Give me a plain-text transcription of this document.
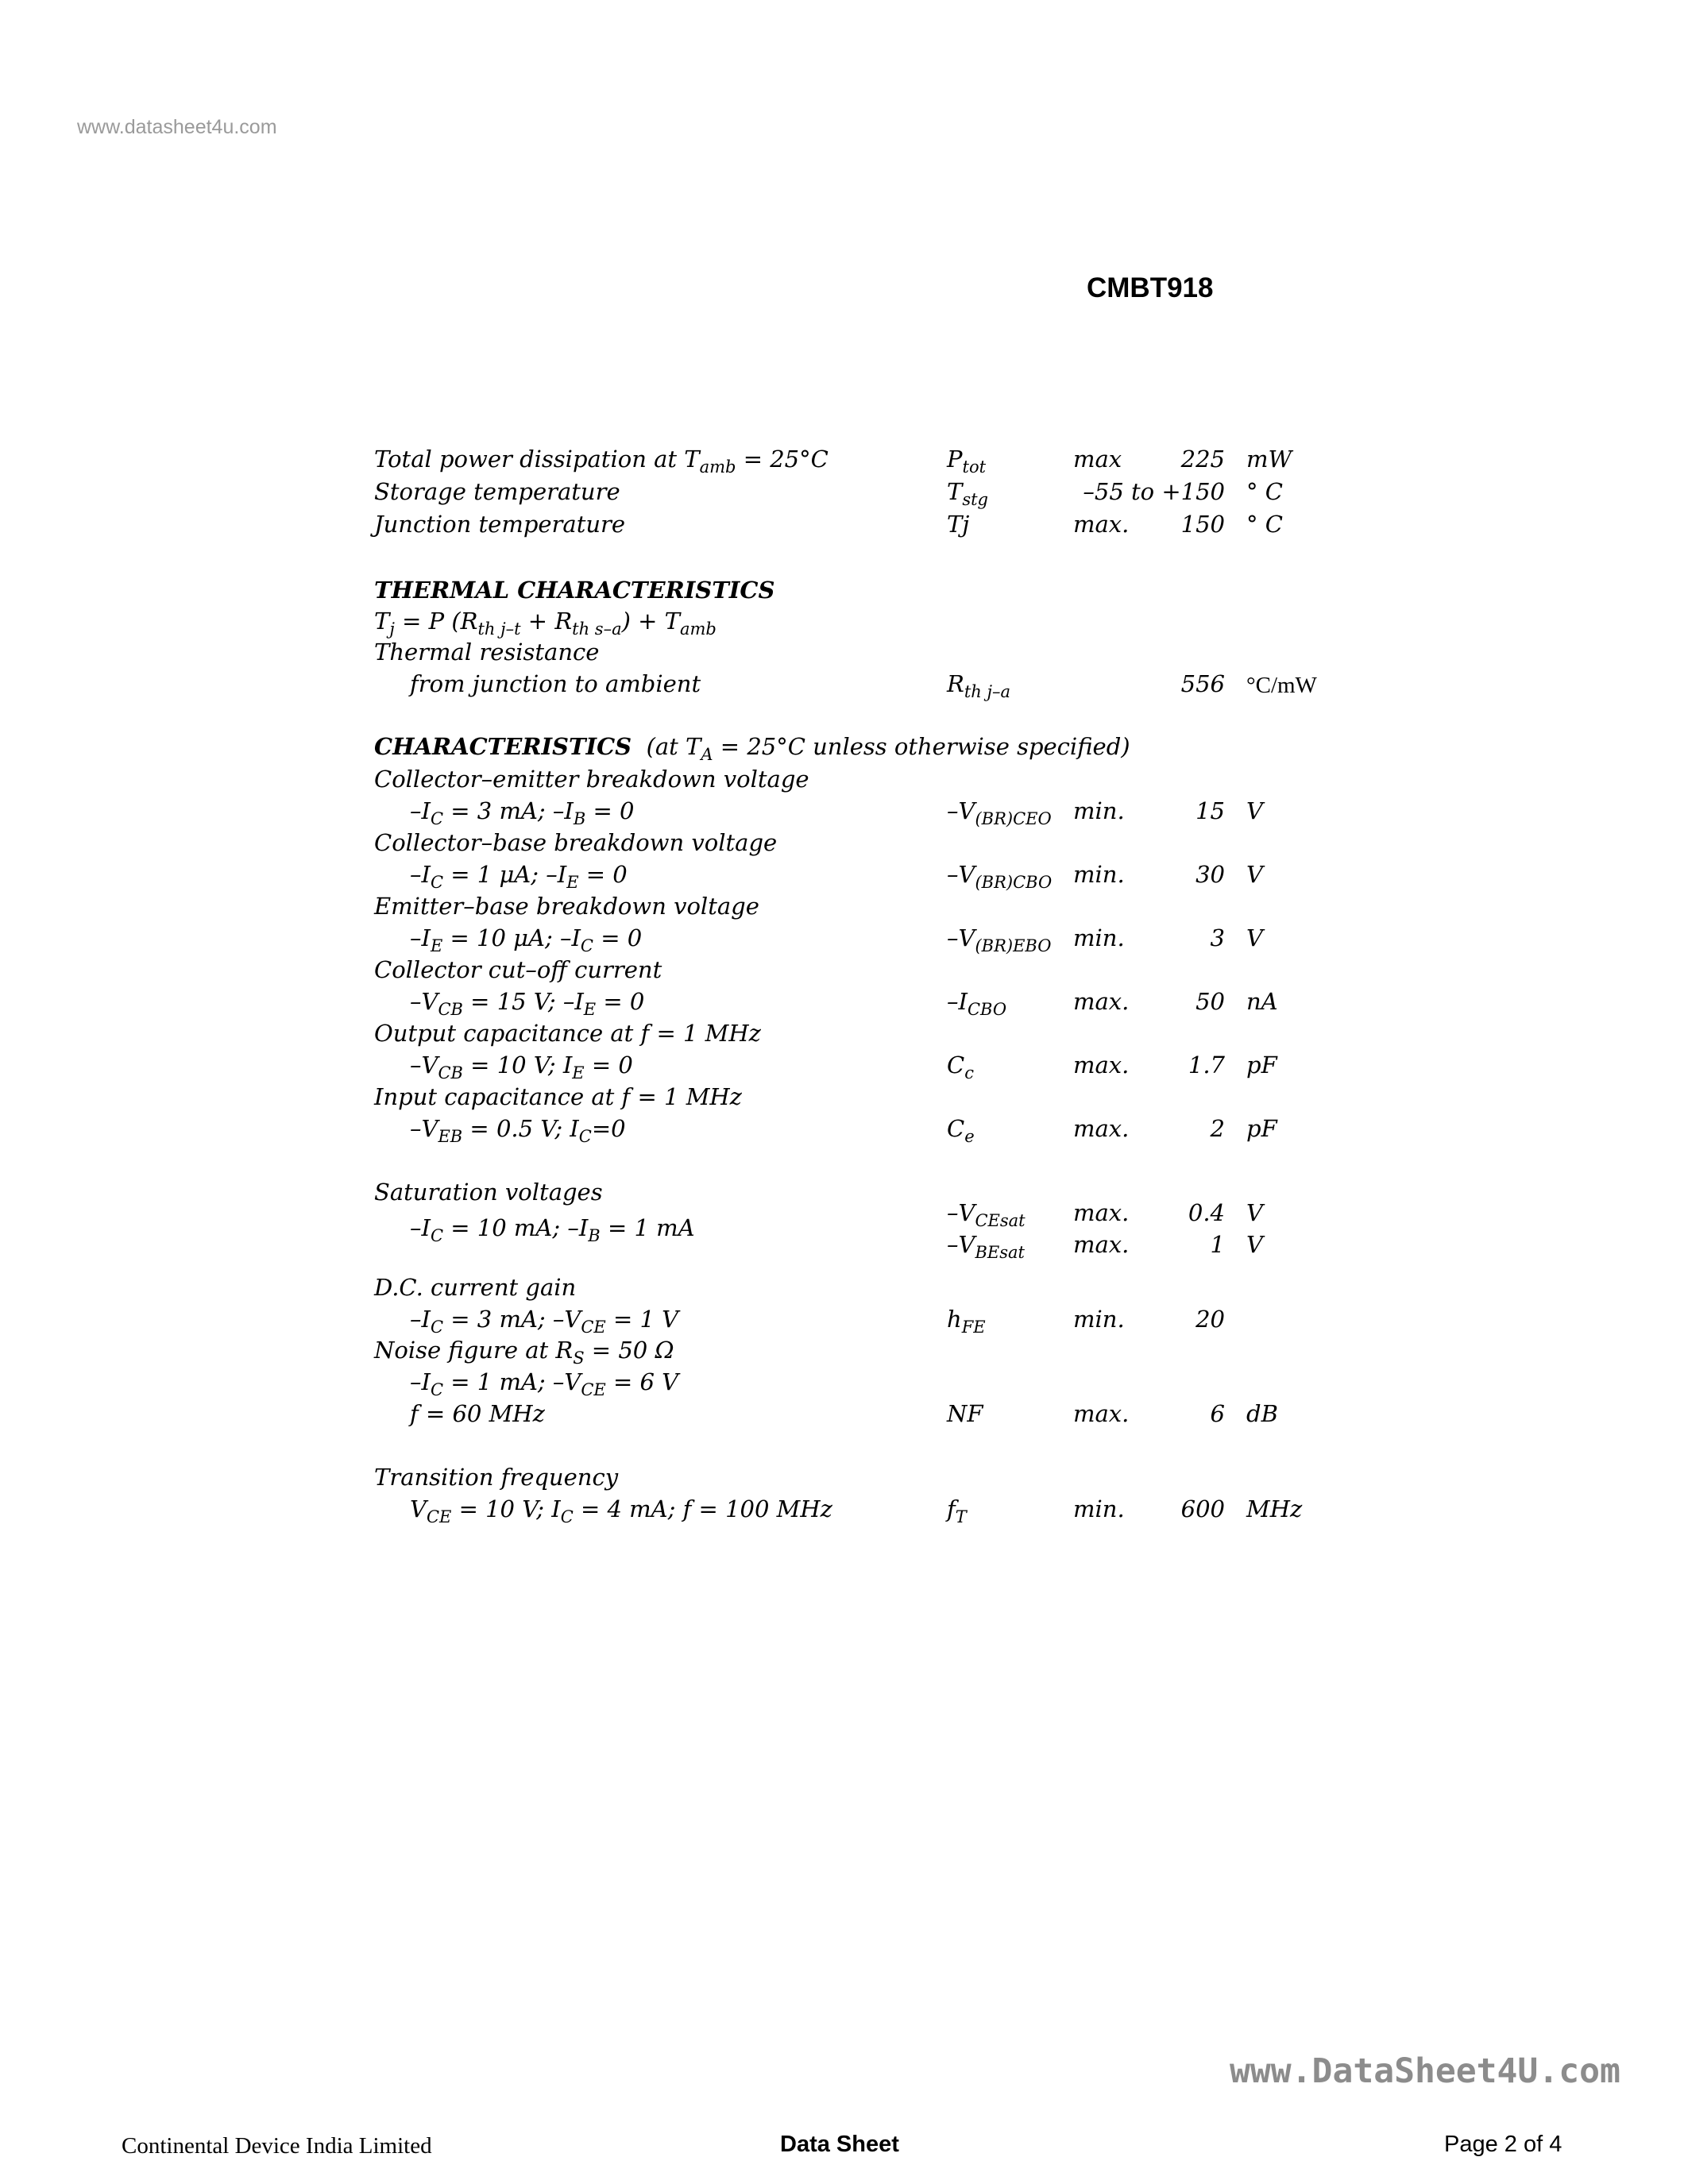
www.datasheet4u.com
CMBT918
Total power dissipation at $T_{amb} = 25^\circ C$	$P_{tot}$	max	225 mW
Storage temperature	$T_{stg}$	–55 to +150 ° C
Junction temperature	Tj	max.	150 ° C
THERMAL CHARACTERISTICS
$T_j = P$ $(R_{th j-t} + R_{th s-a}) + T_{amb}$
Thermal resistance
from junction to ambient	$R_{th j-a}$	556 °C/mW
CHARACTERISTICS (at $T_A = 25^\circ C$ unless otherwise specified)
Collector–emitter breakdown voltage
$-I_C = 3$ mA; $-I_B = 0$	$-V_{(BR)CEO}$ min.	15 V
Collector–base breakdown voltage
$-I_C = 1$ μA; $-I_E = 0$	$-V_{(BR)CBO}$ min.	30 V
Emitter–base breakdown voltage
$-I_E = 10$ μA; $-I_C = 0$	$-V_{(BR)EBO}$ min.	3 V
Collector cut–off current
$-V_{CB} = 15$ V; $-I_E = 0$	$-I_{CBO}$	max.	50 nA
Output capacitance at f = 1 MHz
$-V_{CB} = 10$ V; $I_E = 0$	$C_c$	max.	1.7 pF
Input capacitance at f = 1 MHz
$-V_{EB} = 0.5$ V; $I_C=0$	$C_e$	max.	2 pF
Saturation voltages
$-I_C = 10$ mA; $-I_B = 1$ mA
$-V_{CEsat}$ max.	0.4 V
$-V_{BEsat}$ max.	1 V
D.C. current gain
$-I_C = 3$ mA; $-V_{CE} = 1$ V	$h_{FE}$	min.	20
Noise figure at $R_S = 50$ Ω
$-I_C = 1$ mA; $-V_{CE} = 6$ V
f = 60 MHz	NF	max.	6 dB
Transition frequency
$V_{CE} = 10$ V; $I_C = 4$ mA; f = 100 MHz	$f_T$	min.	600 MHz
www.DataSheet4U.com
Continental Device India Limited	Data Sheet	Page 2 of 4
